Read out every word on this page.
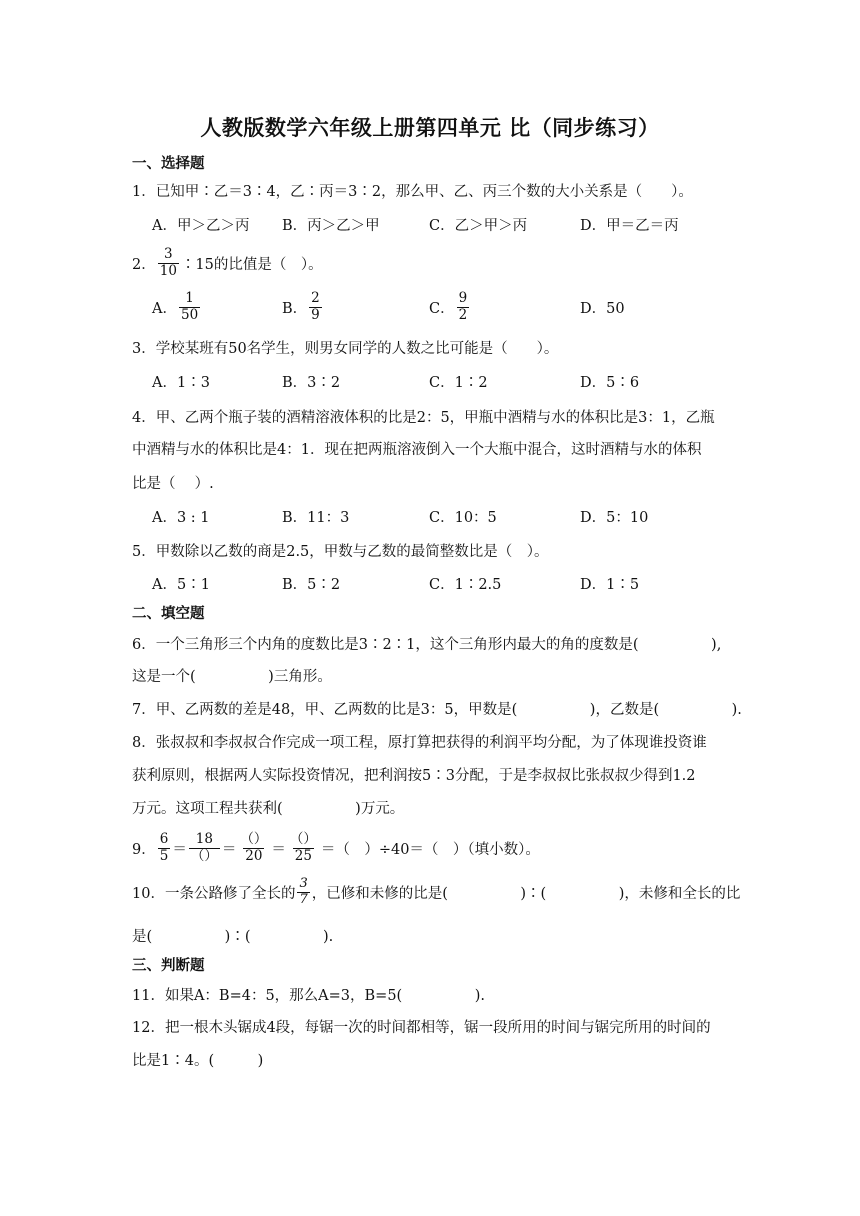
人教版数学六年级上册第四单元 比（同步练习）
一、选择题
1．已知甲∶乙＝3∶4，乙∶丙＝3∶2，那么甲、乙、丙三个数的大小关系是（　　）。
A．甲＞乙＞丙 B．丙＞乙＞甲	C．乙＞甲＞丙	D．甲＝乙＝丙
2． $\frac{3}{10}$ ∶15的比值是（　）。
A． $\frac{1}{50}$	B． $\frac{2}{9}$	C． $\frac{9}{2}$	D．50
3．学校某班有50名学生，则男女同学的人数之比可能是（　　）。
A．1∶3	B．3∶2	C．1∶2	D．5∶6
4．甲、乙两个瓶子装的酒精溶液体积的比是2：5，甲瓶中酒精与水的体积比是3：1，乙瓶
中酒精与水的体积比是4：1．现在把两瓶溶液倒入一个大瓶中混合，这时酒精与水的体积
比是（　 ）.
A．3 : 1	B．11：3	C．10：5	D．5：10
5．甲数除以乙数的商是2.5，甲数与乙数的最简整数比是（　）。
A．5∶1	B．5∶2	C．1∶2.5	D．1∶5
二、填空题
6．一个三角形三个内角的度数比是3∶2∶1，这个三角形内最大的角的度数是(　　　　　),
这是一个(　　　　　)三角形。
7．甲、乙两数的差是48，甲、乙两数的比是3：5，甲数是(　　　　　)，乙数是(　　　　　).
8．张叔叔和李叔叔合作完成一项工程，原打算把获得的利润平均分配，为了体现谁投资谁
获利原则，根据两人实际投资情况，把利润按5∶3分配，于是李叔叔比张叔叔少得到1.2
万元。这项工程共获利(　　　　　)万元。
9． $\frac{6}{5} = \frac{18}{()} = \frac{()}{20} = \frac{()}{25}$ ＝（　）÷40＝（　）（填小数）。
10．一条公路修了全长的 $\frac{3}{7}$ ，已修和未修的比是(　　　　　)∶(　　　　　)，未修和全长的比
是(　　　　　)∶(　　　　　).
三、判断题
11．如果A：B=4：5，那么A=3，B=5(　　　　　).
12．把一根木头锯成4段，每锯一次的时间都相等，锯一段所用的时间与锯完所用的时间的
比是1∶4。(　　　)
